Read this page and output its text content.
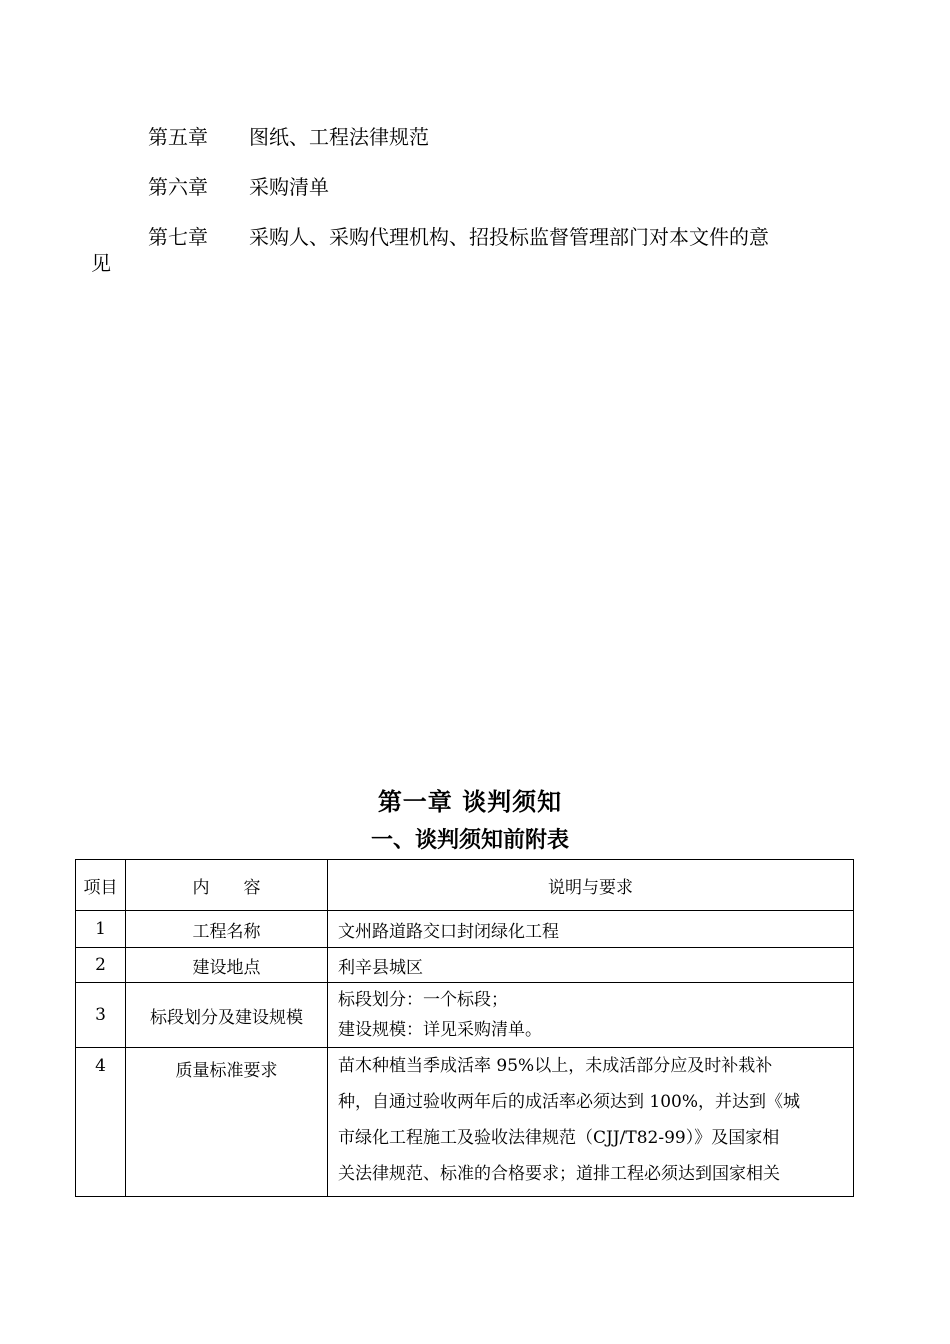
第五章 图纸、工程法律规范
第六章 采购清单
第七章 采购人、采购代理机构、招投标监督管理部门对本文件的意
见
第一章 谈判须知
一、谈判须知前附表
项目	内　　容	说明与要求
1	工程名称	文州路道路交口封闭绿化工程

2	建设地点	利辛县城区

3	标段划分及建设规模	标段划分：一个标段；
建设规模：详见采购清单。

4	质量标准要求	苗木种植当季成活率 95%以上，未成活部分应及时补栽补
种，自通过验收两年后的成活率必须达到 100%，并达到《城
市绿化工程施工及验收法律规范（CJJ/T82-99）》及国家相
关法律规范、标准的合格要求；道排工程必须达到国家相关
